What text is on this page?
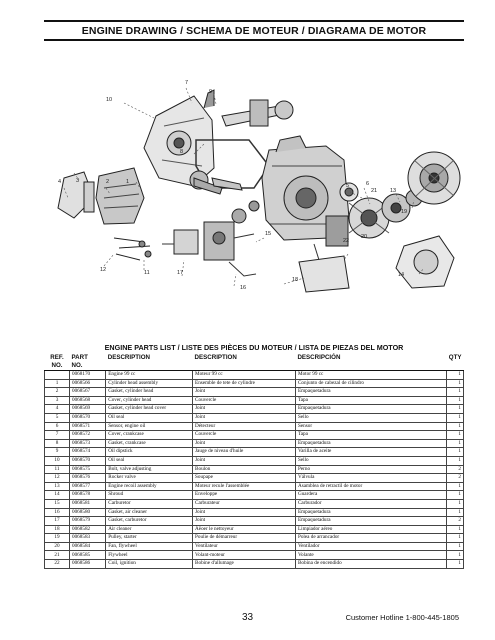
ENGINE DRAWING / SCHEMA DE MOTEUR / DIAGRAMA DE MOTOR
7
9
10
8
4	3	2	1
5	6
21 13
19
20
15
22
18
12	11	17
16
14
ENGINE PARTS LIST / LISTE DES PIÈCES DU MOTEUR / LISTA DE PIEZAS DEL MOTOR
REF.	PART	DESCRIPTION	DESCRIPTION	DESCRIPCIÓN	QTY
NO.	NO.				
	0068170	Engine 99 cc	Moteur 99 cc	Motor 99 cc	1
1	0068566	Cylinder head assembly	Ensemble de tete de cylindre	Conjunto de cabezal de cilindro	1
2	0068567	Gasket, cylinder head	Joint	Empaquetadura	1
3	0068568	Cover, cylinder head	Couvercle	Tapa	1
4	0068569	Gasket, cylinder head cover	Joint	Empaquetadura	1
5	0068570	Oil seal	Joint	Sello	1
6	0068571	Sensor, engine oil	Détecteur	Sensor	1
7	0068572	Cover, crankcase	Couvercle	Tapa	1
8	0068573	Gasket, crankcase	Joint	Empaquetadura	1
9	0068574	Oil dipstick	Jauge de niveau d'huile	Varilla de aceite	1
10	0068570	Oil seal	Joint	Sello	1
11	0068575	Bolt, valve adjusting	Boulon	Perno	2
12	0068576	Rocker valve	Soupape	Válvula	2
13	0068577	Engine recoil assembly	Moteur recule l'assemblée	Asamblea de retractil de motor	1
14	0068578	Shroud	Enveloppe	Guardera	1
15	0068581	Carburetor	Carburateur	Carburador	1
16	0068580	Gasket, air cleaner	Joint	Empaquetadura	1
17	0068579	Gasket, carburetor	Joint	Empaquetadura	2
18	0068582	Air cleaner	Àêoer le nettoyeur	Limpiador aéreo	1
19	0068583	Pulley, starter	Poulie de démarreur	Polea de arrancador	1
20	0068584	Fan, flywheel	Ventilateur	Ventilador	1
21	0068585	Flywheel	Volant-moteur	Volante	1
22	0068586	Coil, ignition	Bobine d'allumage	Bobina de encendido	1
33	Customer Hotline 1-800-445-1805
